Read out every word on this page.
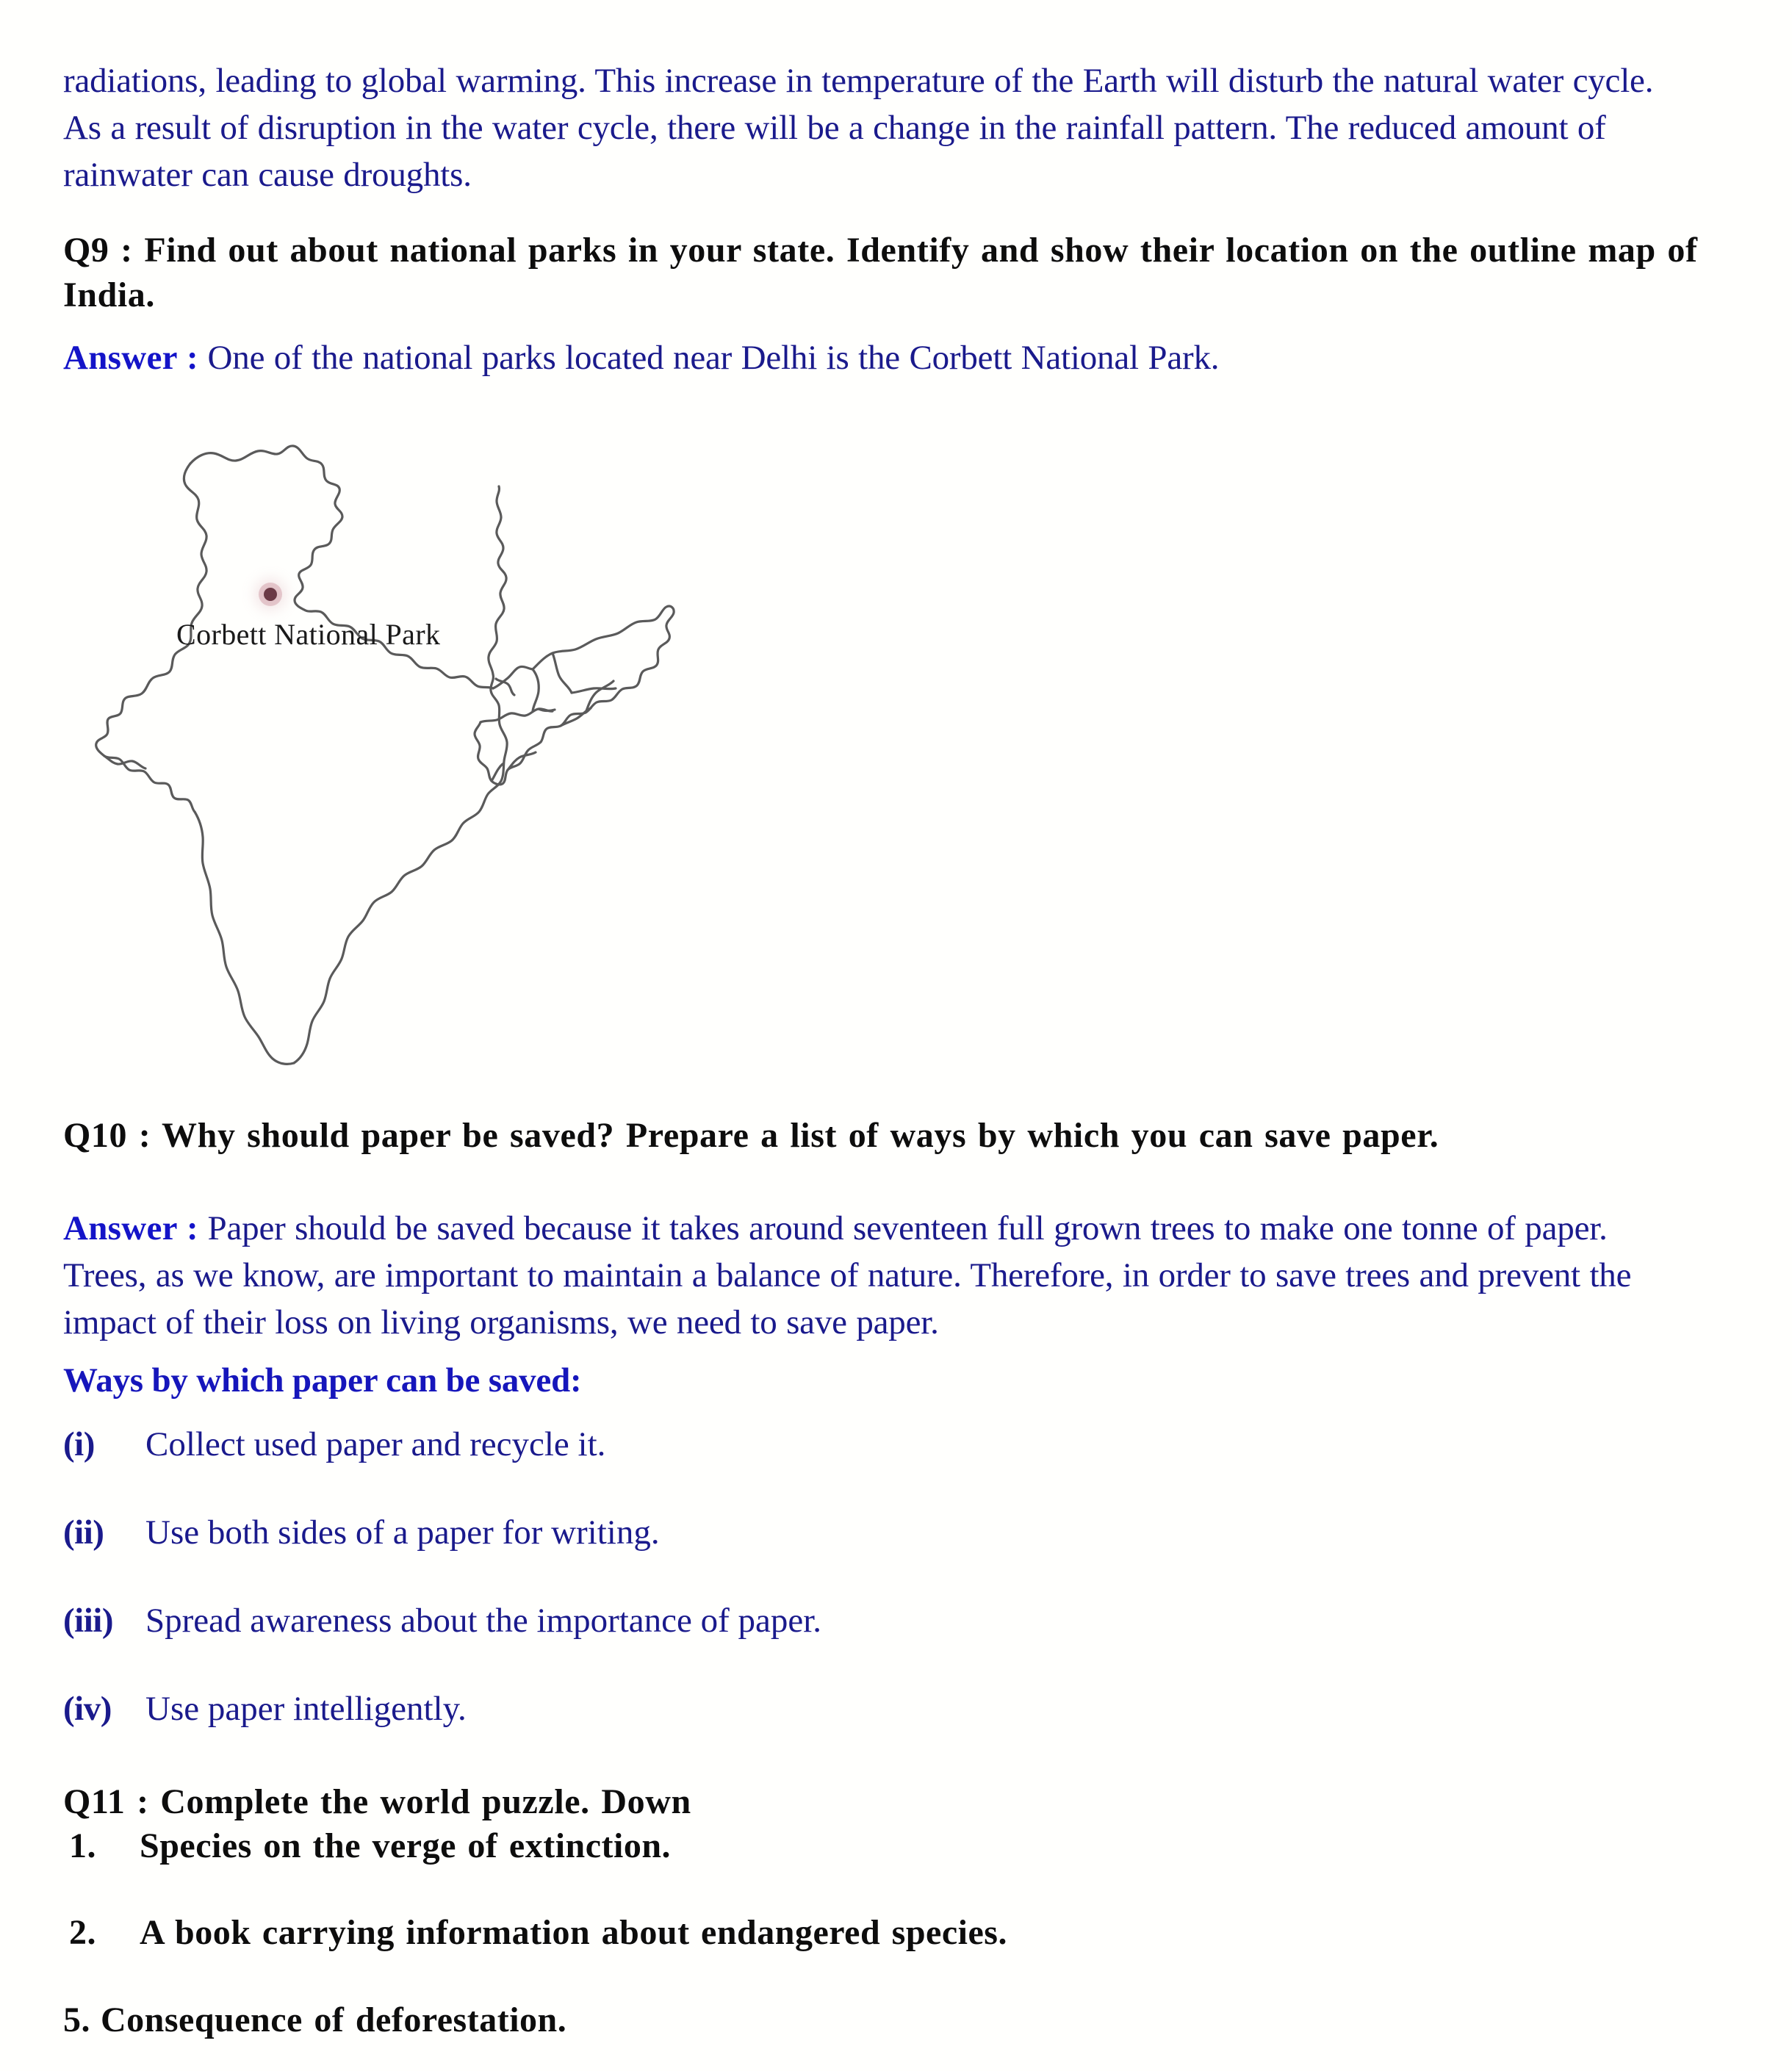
radiations, leading to global warming. This increase in temperature of the Earth will disturb the natural water cycle. As a result of disruption in the water cycle, there will be a change in the rainfall pattern. The reduced amount of rainwater can cause droughts.
Q9 : Find out about national parks in your state. Identify and show their location on the outline map of India.
Answer : One of the national parks located near Delhi is the Corbett National Park.
Corbett National Park
Q10 : Why should paper be saved? Prepare a list of ways by which you can save paper.
Answer : Paper should be saved because it takes around seventeen full grown trees to make one tonne of paper. Trees, as we know, are important to maintain a balance of nature. Therefore, in order to save trees and prevent the impact of their loss on living organisms, we need to save paper.
Ways by which paper can be saved:
(i) Collect used paper and recycle it.
(ii) Use both sides of a paper for writing.
(iii) Spread awareness about the importance of paper.
(iv) Use paper intelligently.
Q11 : Complete the world puzzle. Down
1. Species on the verge of extinction.
2. A book carrying information about endangered species.
5. Consequence of deforestation.
